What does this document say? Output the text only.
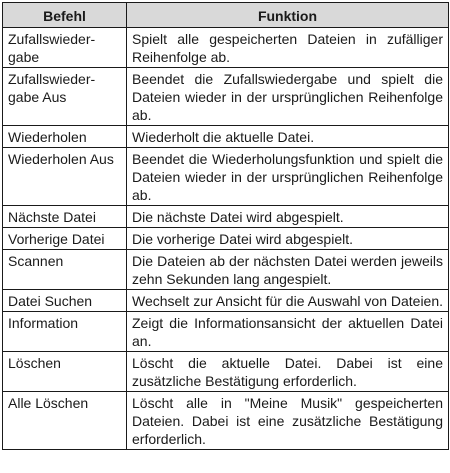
Befehl	Funktion
Zufallswieder-
gabe	Spielt alle gespeicherten Dateien in zufälliger Reihenfolge ab.
Zufallswieder-
gabe Aus	Beendet die Zufallswiedergabe und spielt die Dateien wieder in der ursprünglichen Reihenfolge ab.
Wiederholen	Wiederholt die aktuelle Datei.
Wiederholen Aus	Beendet die Wiederholungsfunktion und spielt die Dateien wieder in der ursprünglichen Reihenfolge ab.
Nächste Datei	Die nächste Datei wird abgespielt.
Vorherige Datei	Die vorherige Datei wird abgespielt.
Scannen	Die Dateien ab der nächsten Datei werden jeweils zehn Sekunden lang angespielt.
Datei Suchen	Wechselt zur Ansicht für die Auswahl von Dateien.
Information	Zeigt die Informationsansicht der aktuellen Datei an.
Löschen	Löscht die aktuelle Datei. Dabei ist eine zusätzliche Bestätigung erforderlich.
Alle Löschen	Löscht alle in "Meine Musik" gespeicherten Dateien. Dabei ist eine zusätzliche Bestätigung erforderlich.
